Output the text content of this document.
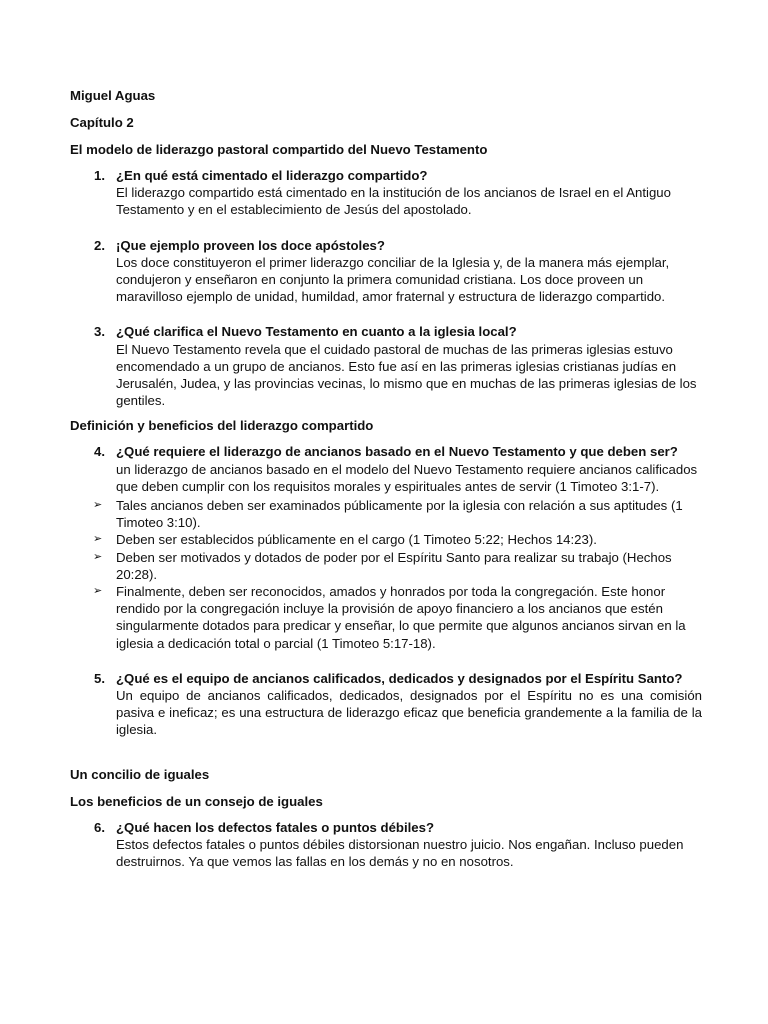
Miguel Aguas

Capítulo 2

El modelo de liderazgo pastoral compartido del Nuevo Testamento

1. ¿En qué está cimentado el liderazgo compartido?
El liderazgo compartido está cimentado en la institución de los ancianos de Israel en el Antiguo Testamento y en el establecimiento de Jesús del apostolado.
2. ¡Que ejemplo proveen los doce apóstoles?
Los doce constituyeron el primer liderazgo conciliar de la Iglesia y, de la manera más ejemplar, condujeron y enseñaron en conjunto la primera comunidad cristiana. Los doce proveen un maravilloso ejemplo de unidad, humildad, amor fraternal y estructura de liderazgo compartido.
3. ¿Qué clarifica el Nuevo Testamento en cuanto a la iglesia local?
El Nuevo Testamento revela que el cuidado pastoral de muchas de las primeras iglesias estuvo encomendado a un grupo de ancianos. Esto fue así en las primeras iglesias cristianas judías en Jerusalén, Judea, y las provincias vecinas, lo mismo que en muchas de las primeras iglesias de los gentiles.

Definición y beneficios del liderazgo compartido

4. ¿Qué requiere el liderazgo de ancianos basado en el Nuevo Testamento y que deben ser?
un liderazgo de ancianos basado en el modelo del Nuevo Testamento requiere ancianos calificados que deben cumplir con los requisitos morales y espirituales antes de servir (1 Timoteo 3:1-7).
➢ Tales ancianos deben ser examinados públicamente por la iglesia con relación a sus aptitudes (1 Timoteo 3:10).
➢ Deben ser establecidos públicamente en el cargo (1 Timoteo 5:22; Hechos 14:23).
➢ Deben ser motivados y dotados de poder por el Espíritu Santo para realizar su trabajo (Hechos 20:28).
➢ Finalmente, deben ser reconocidos, amados y honrados por toda la congregación. Este honor rendido por la congregación incluye la provisión de apoyo financiero a los ancianos que estén singularmente dotados para predicar y enseñar, lo que permite que algunos ancianos sirvan en la iglesia a dedicación total o parcial (1 Timoteo 5:17-18).
5. ¿Qué es el equipo de ancianos calificados, dedicados y designados por el Espíritu Santo?
Un equipo de ancianos calificados, dedicados, designados por el Espíritu no es una comisión pasiva e ineficaz; es una estructura de liderazgo eficaz que beneficia grandemente a la familia de la iglesia.

Un concilio de iguales

Los beneficios de un consejo de iguales

6. ¿Qué hacen los defectos fatales o puntos débiles?
Estos defectos fatales o puntos débiles distorsionan nuestro juicio. Nos engañan. Incluso pueden destruirnos. Ya que vemos las fallas en los demás y no en nosotros.
